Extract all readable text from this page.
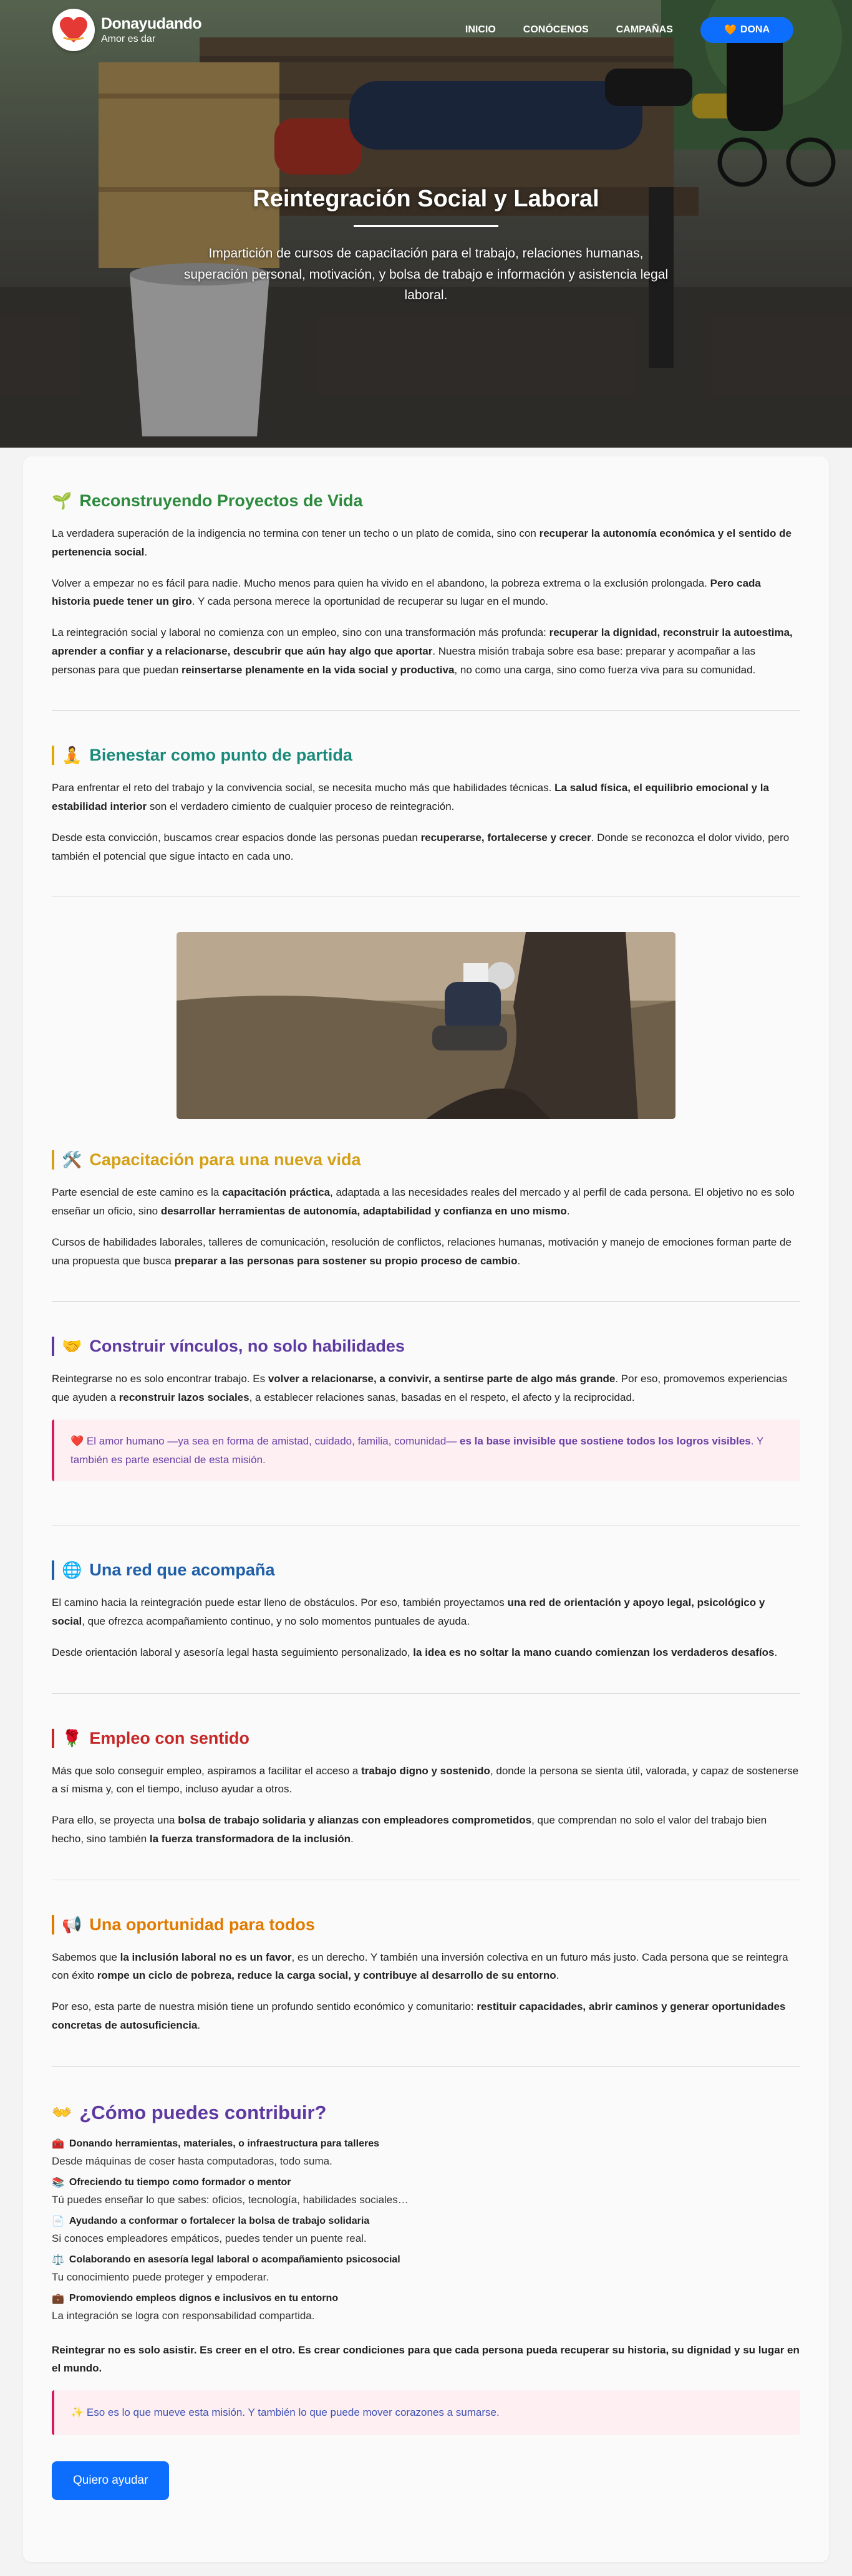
Donayudando
Amor es dar
INICIO	CONÓCENOS	CAMPAÑAS	🧡 DONA
Reintegración Social y Laboral

Impartición de cursos de capacitación para el trabajo, relaciones humanas, superación personal, motivación, y bolsa de trabajo e información y asistencia legal laboral.

🌱 Reconstruyendo Proyectos de Vida

La verdadera superación de la indigencia no termina con tener un techo o un plato de comida, sino con recuperar la autonomía económica y el sentido de pertenencia social.

Volver a empezar no es fácil para nadie. Mucho menos para quien ha vivido en el abandono, la pobreza extrema o la exclusión prolongada. Pero cada historia puede tener un giro. Y cada persona merece la oportunidad de recuperar su lugar en el mundo.

La reintegración social y laboral no comienza con un empleo, sino con una transformación más profunda: recuperar la dignidad, reconstruir la autoestima, aprender a confiar y a relacionarse, descubrir que aún hay algo que aportar. Nuestra misión trabaja sobre esa base: preparar y acompañar a las personas para que puedan reinsertarse plenamente en la vida social y productiva, no como una carga, sino como fuerza viva para su comunidad.

🧘 Bienestar como punto de partida

Para enfrentar el reto del trabajo y la convivencia social, se necesita mucho más que habilidades técnicas. La salud física, el equilibrio emocional y la estabilidad interior son el verdadero cimiento de cualquier proceso de reintegración.

Desde esta convicción, buscamos crear espacios donde las personas puedan recuperarse, fortalecerse y crecer. Donde se reconozca el dolor vivido, pero también el potencial que sigue intacto en cada uno.

🛠️ Capacitación para una nueva vida

Parte esencial de este camino es la capacitación práctica, adaptada a las necesidades reales del mercado y al perfil de cada persona. El objetivo no es solo enseñar un oficio, sino desarrollar herramientas de autonomía, adaptabilidad y confianza en uno mismo.

Cursos de habilidades laborales, talleres de comunicación, resolución de conflictos, relaciones humanas, motivación y manejo de emociones forman parte de una propuesta que busca preparar a las personas para sostener su propio proceso de cambio.

🤝 Construir vínculos, no solo habilidades

Reintegrarse no es solo encontrar trabajo. Es volver a relacionarse, a convivir, a sentirse parte de algo más grande. Por eso, promovemos experiencias que ayuden a reconstruir lazos sociales, a establecer relaciones sanas, basadas en el respeto, el afecto y la reciprocidad.

❤️ El amor humano —ya sea en forma de amistad, cuidado, familia, comunidad— es la base invisible que sostiene todos los logros visibles. Y también es parte esencial de esta misión.
🌐 Una red que acompaña

El camino hacia la reintegración puede estar lleno de obstáculos. Por eso, también proyectamos una red de orientación y apoyo legal, psicológico y social, que ofrezca acompañamiento continuo, y no solo momentos puntuales de ayuda.

Desde orientación laboral y asesoría legal hasta seguimiento personalizado, la idea es no soltar la mano cuando comienzan los verdaderos desafíos.

🌹 Empleo con sentido

Más que solo conseguir empleo, aspiramos a facilitar el acceso a trabajo digno y sostenido, donde la persona se sienta útil, valorada, y capaz de sostenerse a sí misma y, con el tiempo, incluso ayudar a otros.

Para ello, se proyecta una bolsa de trabajo solidaria y alianzas con empleadores comprometidos, que comprendan no solo el valor del trabajo bien hecho, sino también la fuerza transformadora de la inclusión.

📢 Una oportunidad para todos

Sabemos que la inclusión laboral no es un favor, es un derecho. Y también una inversión colectiva en un futuro más justo. Cada persona que se reintegra con éxito rompe un ciclo de pobreza, reduce la carga social, y contribuye al desarrollo de su entorno.

Por eso, esta parte de nuestra misión tiene un profundo sentido económico y comunitario: restituir capacidades, abrir caminos y generar oportunidades concretas de autosuficiencia.

👐 ¿Cómo puedes contribuir?
🧰 Donando herramientas, materiales, o infraestructura para talleres
Desde máquinas de coser hasta computadoras, todo suma.
📚 Ofreciendo tu tiempo como formador o mentor
Tú puedes enseñar lo que sabes: oficios, tecnología, habilidades sociales…
📄 Ayudando a conformar o fortalecer la bolsa de trabajo solidaria
Si conoces empleadores empáticos, puedes tender un puente real.
⚖️ Colaborando en asesoría legal laboral o acompañamiento psicosocial
Tu conocimiento puede proteger y empoderar.
💼 Promoviendo empleos dignos e inclusivos en tu entorno
La integración se logra con responsabilidad compartida.

Reintegrar no es solo asistir. Es creer en el otro. Es crear condiciones para que cada persona pueda recuperar su historia, su dignidad y su lugar en el mundo.

✨ Eso es lo que mueve esta misión. Y también lo que puede mover corazones a sumarse.
Quiero ayudar
